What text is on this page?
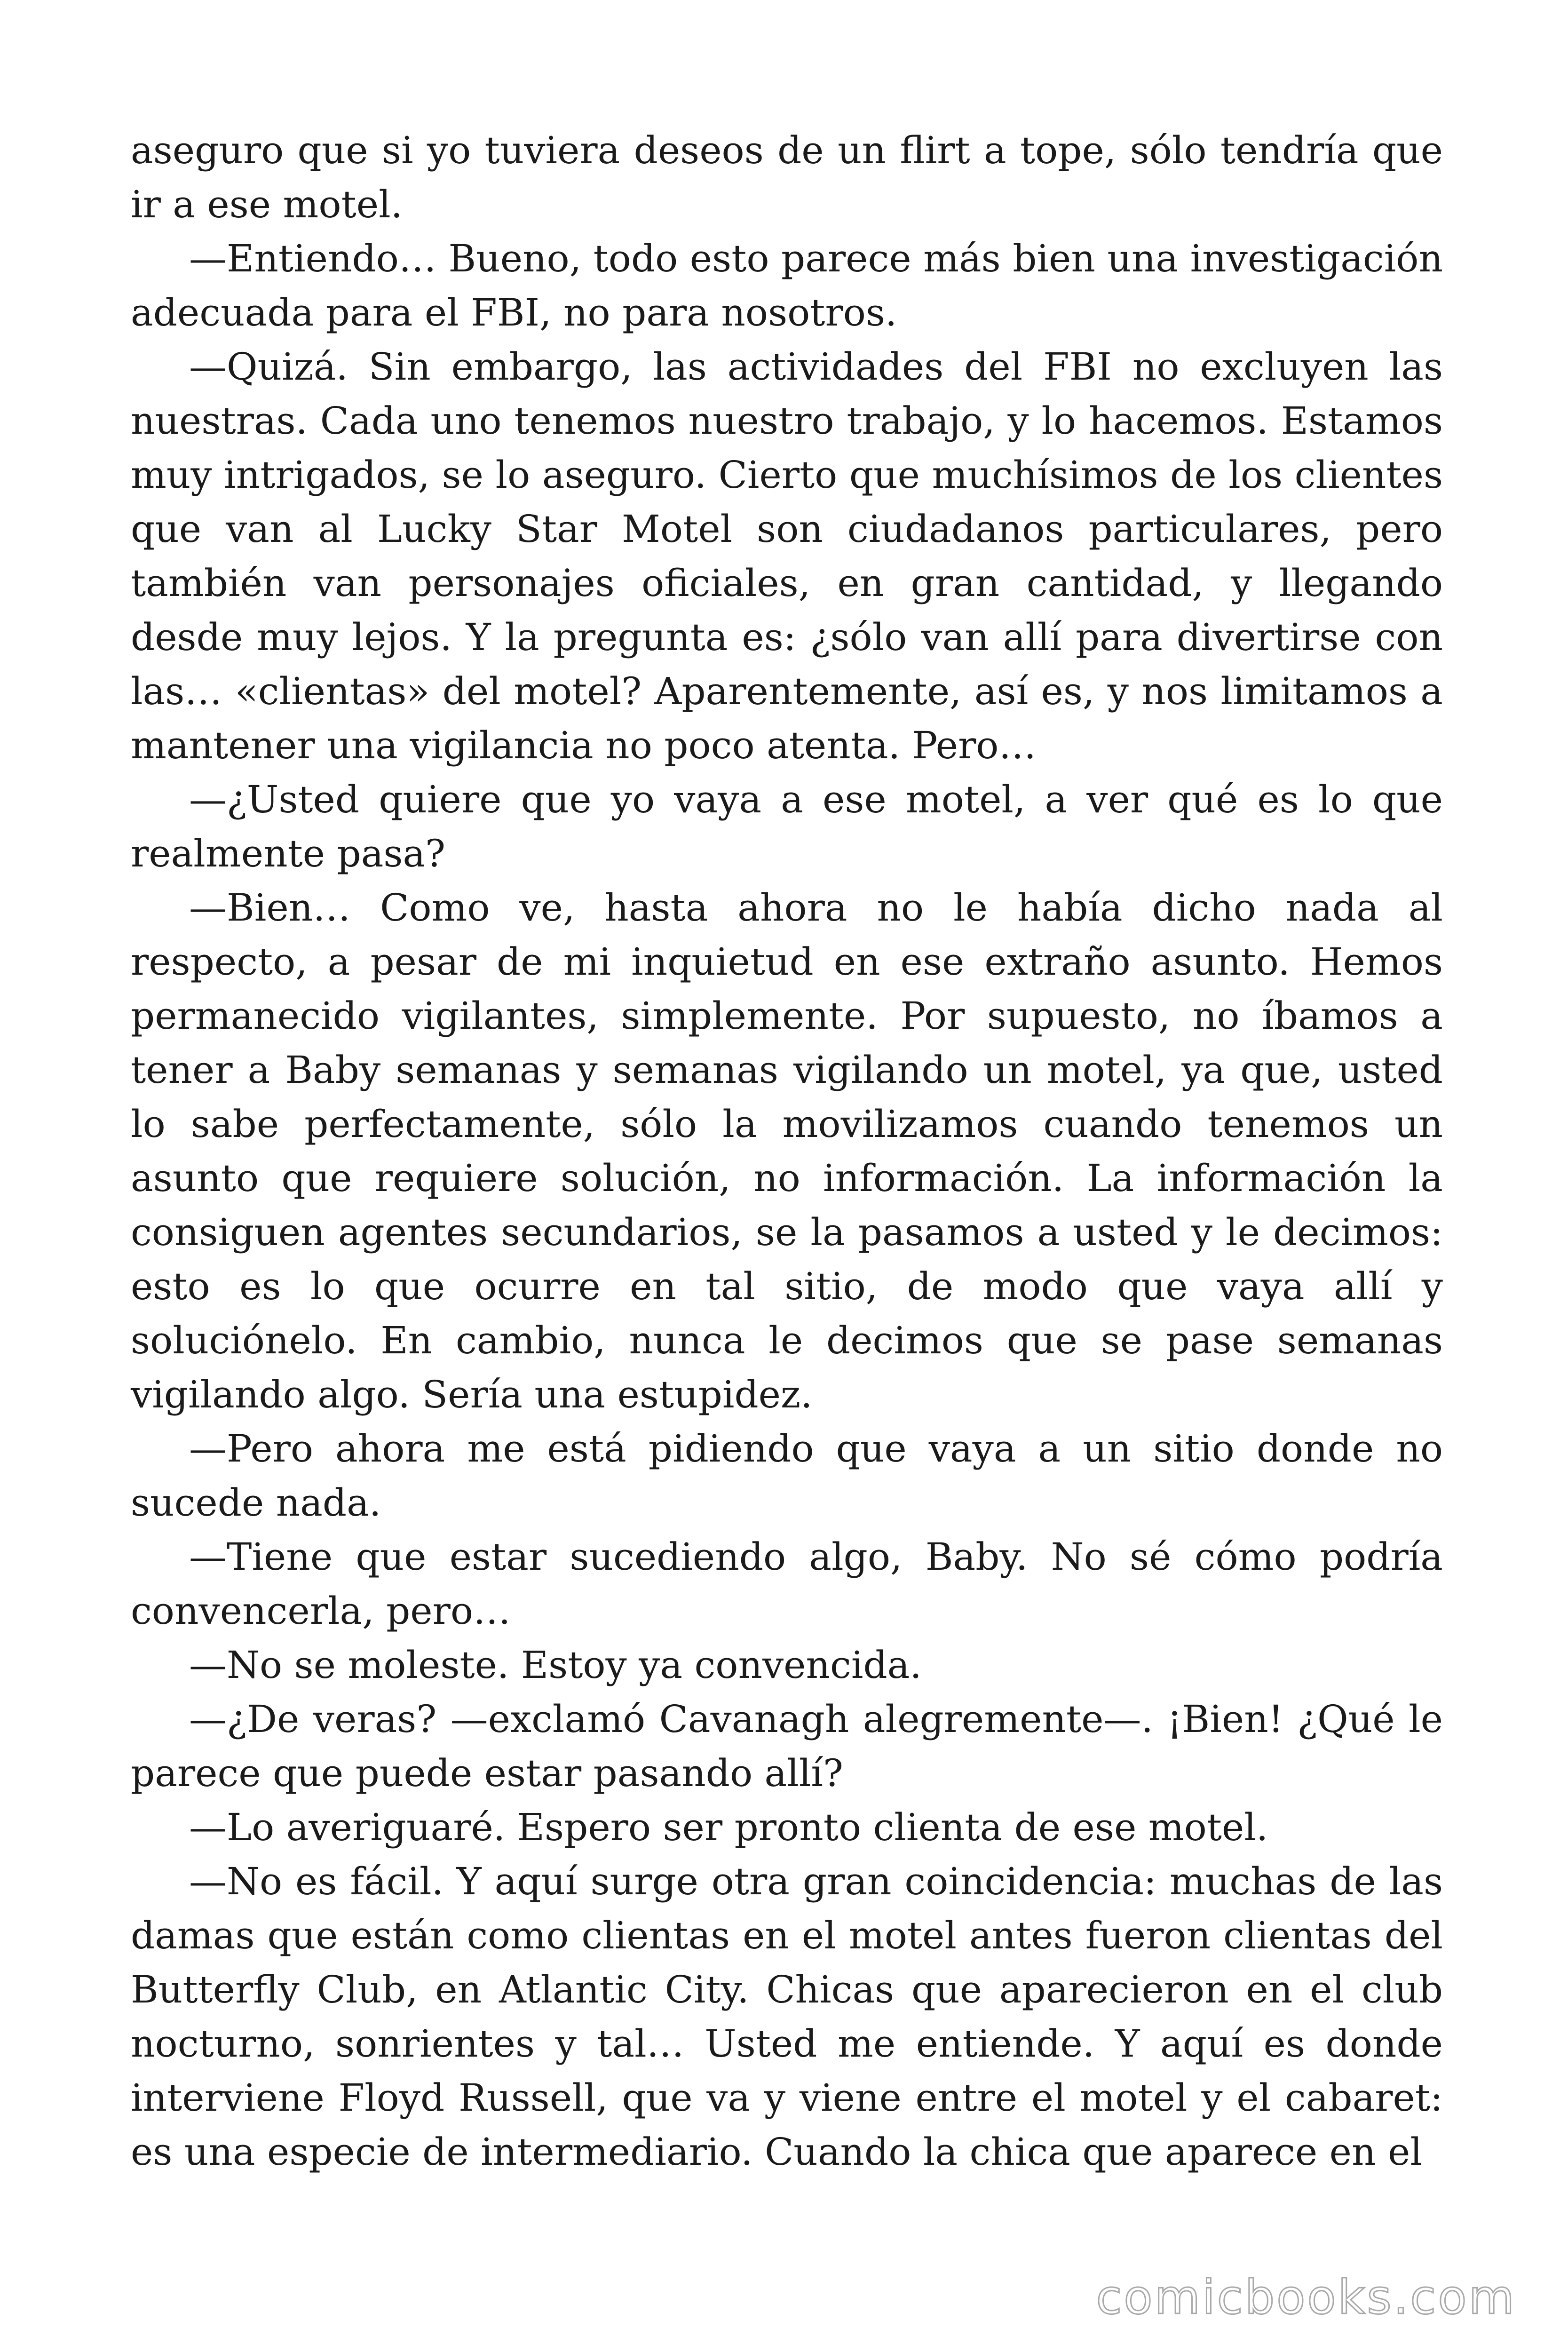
aseguro que si yo tuviera deseos de un flirt a tope, sólo tendría que ir a ese motel.

—Entiendo… Bueno, todo esto parece más bien una investigación adecuada para el FBI, no para nosotros.

—Quizá. Sin embargo, las actividades del FBI no excluyen las nuestras. Cada uno tenemos nuestro trabajo, y lo hacemos. Estamos muy intrigados, se lo aseguro. Cierto que muchísimos de los clientes que van al Lucky Star Motel son ciudadanos particulares, pero también van personajes oficiales, en gran cantidad, y llegando desde muy lejos. Y la pregunta es: ¿sólo van allí para divertirse con las… «clientas» del motel? Aparentemente, así es, y nos limitamos a mantener una vigilancia no poco atenta. Pero…

—¿Usted quiere que yo vaya a ese motel, a ver qué es lo que realmente pasa?

—Bien… Como ve, hasta ahora no le había dicho nada al respecto, a pesar de mi inquietud en ese extraño asunto. Hemos permanecido vigilantes, simplemente. Por supuesto, no íbamos a tener a Baby semanas y semanas vigilando un motel, ya que, usted lo sabe perfectamente, sólo la movilizamos cuando tenemos un asunto que requiere solución, no información. La información la consiguen agentes secundarios, se la pasamos a usted y le decimos: esto es lo que ocurre en tal sitio, de modo que vaya allí y soluciónelo. En cambio, nunca le decimos que se pase semanas vigilando algo. Sería una estupidez.

—Pero ahora me está pidiendo que vaya a un sitio donde no sucede nada.

—Tiene que estar sucediendo algo, Baby. No sé cómo podría convencerla, pero…

—No se moleste. Estoy ya convencida.

—¿De veras? —exclamó Cavanagh alegremente—. ¡Bien! ¿Qué le parece que puede estar pasando allí?

—Lo averiguaré. Espero ser pronto clienta de ese motel.

—No es fácil. Y aquí surge otra gran coincidencia: muchas de las damas que están como clientas en el motel antes fueron clientas del Butterfly Club, en Atlantic City. Chicas que aparecieron en el club nocturno, sonrientes y tal… Usted me entiende. Y aquí es donde interviene Floyd Russell, que va y viene entre el motel y el cabaret: es una especie de intermediario. Cuando la chica que aparece en el

comicbooks.com
